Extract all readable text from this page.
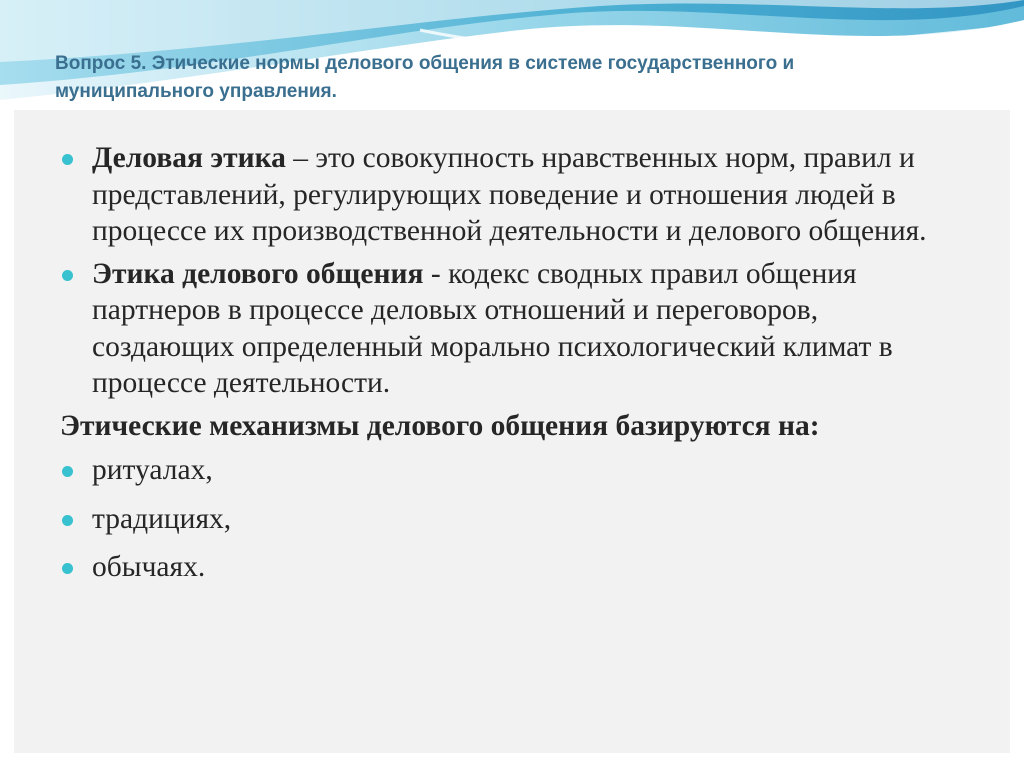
Вопрос 5. Этические нормы делового общения в системе государственного и муниципального управления.
Деловая этика – это совокупность нравственных норм, правил и представлений, регулирующих поведение и отношения людей в процессе их производственной деятельности и делового общения.
Этика делового общения - кодекс сводных правил общения партнеров в процессе деловых отношений и переговоров, создающих определенный морально психологический климат в процессе деятельности.
Этические механизмы делового общения базируются на:
ритуалах,
традициях,
обычаях.
